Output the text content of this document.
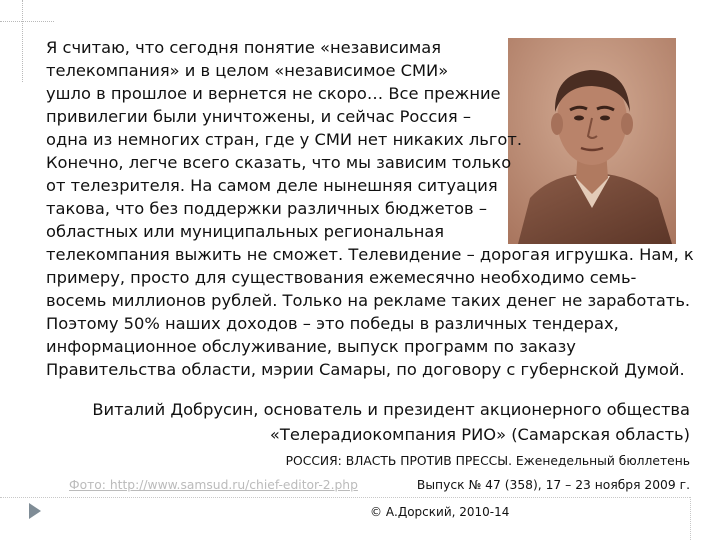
Я считаю, что сегодня понятие «независимая
телекомпания» и в целом «независимое СМИ»
ушло в прошлое и вернется не скоро… Все прежние
привилегии были уничтожены, и сейчас Россия –
одна из немногих стран, где у СМИ нет никаких льгот.
Конечно, легче всего сказать, что мы зависим только
от телезрителя. На самом деле нынешняя ситуация
такова, что без поддержки различных бюджетов –
областных или муниципальных региональная
телекомпания выжить не сможет. Телевидение – дорогая игрушка. Нам, к
примеру, просто для существования ежемесячно необходимо семь-
восемь миллионов рублей. Только на рекламе таких денег не заработать.
Поэтому 50% наших доходов – это победы в различных тендерах,
информационное обслуживание, выпуск программ по заказу
Правительства области, мэрии Самары, по договору с губернской Думой.
Виталий Добрусин, основатель и президент акционерного общества
«Телерадиокомпания РИО» (Самарская область)
РОССИЯ: ВЛАСТЬ ПРОТИВ ПРЕССЫ. Еженедельный бюллетень
Фото: http://www.samsud.ru/chief-editor-2.php	Выпуск № 47 (358), 17 – 23 ноября 2009 г.
© А.Дорский, 2010-14
